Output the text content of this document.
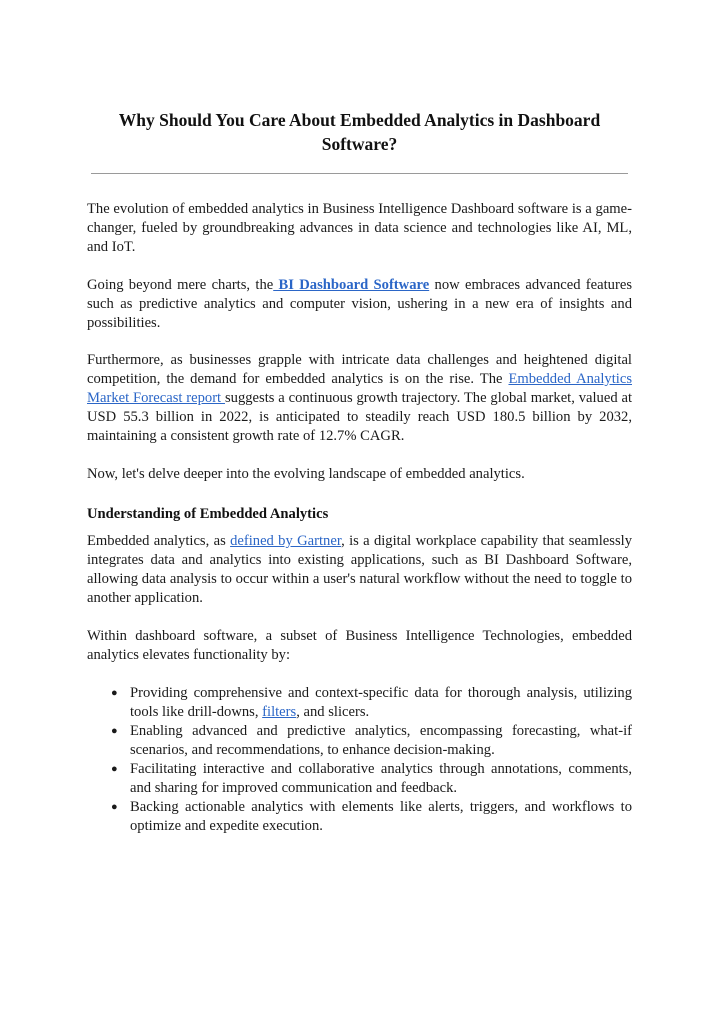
Why Should You Care About Embedded Analytics in Dashboard Software?

The evolution of embedded analytics in Business Intelligence Dashboard software is a game-changer, fueled by groundbreaking advances in data science and technologies like AI, ML, and IoT.

Going beyond mere charts, the BI Dashboard Software now embraces advanced features such as predictive analytics and computer vision, ushering in a new era of insights and possibilities.

Furthermore, as businesses grapple with intricate data challenges and heightened digital competition, the demand for embedded analytics is on the rise. The Embedded Analytics Market Forecast report suggests a continuous growth trajectory. The global market, valued at USD 55.3 billion in 2022, is anticipated to steadily reach USD 180.5 billion by 2032, maintaining a consistent growth rate of 12.7% CAGR.

Now, let's delve deeper into the evolving landscape of embedded analytics.

Understanding of Embedded Analytics

Embedded analytics, as defined by Gartner, is a digital workplace capability that seamlessly integrates data and analytics into existing applications, such as BI Dashboard Software, allowing data analysis to occur within a user's natural workflow without the need to toggle to another application.

Within dashboard software, a subset of Business Intelligence Technologies, embedded analytics elevates functionality by:

● Providing comprehensive and context-specific data for thorough analysis, utilizing tools like drill-downs, filters, and slicers.
● Enabling advanced and predictive analytics, encompassing forecasting, what-if scenarios, and recommendations, to enhance decision-making.
● Facilitating interactive and collaborative analytics through annotations, comments, and sharing for improved communication and feedback.
● Backing actionable analytics with elements like alerts, triggers, and workflows to optimize and expedite execution.
